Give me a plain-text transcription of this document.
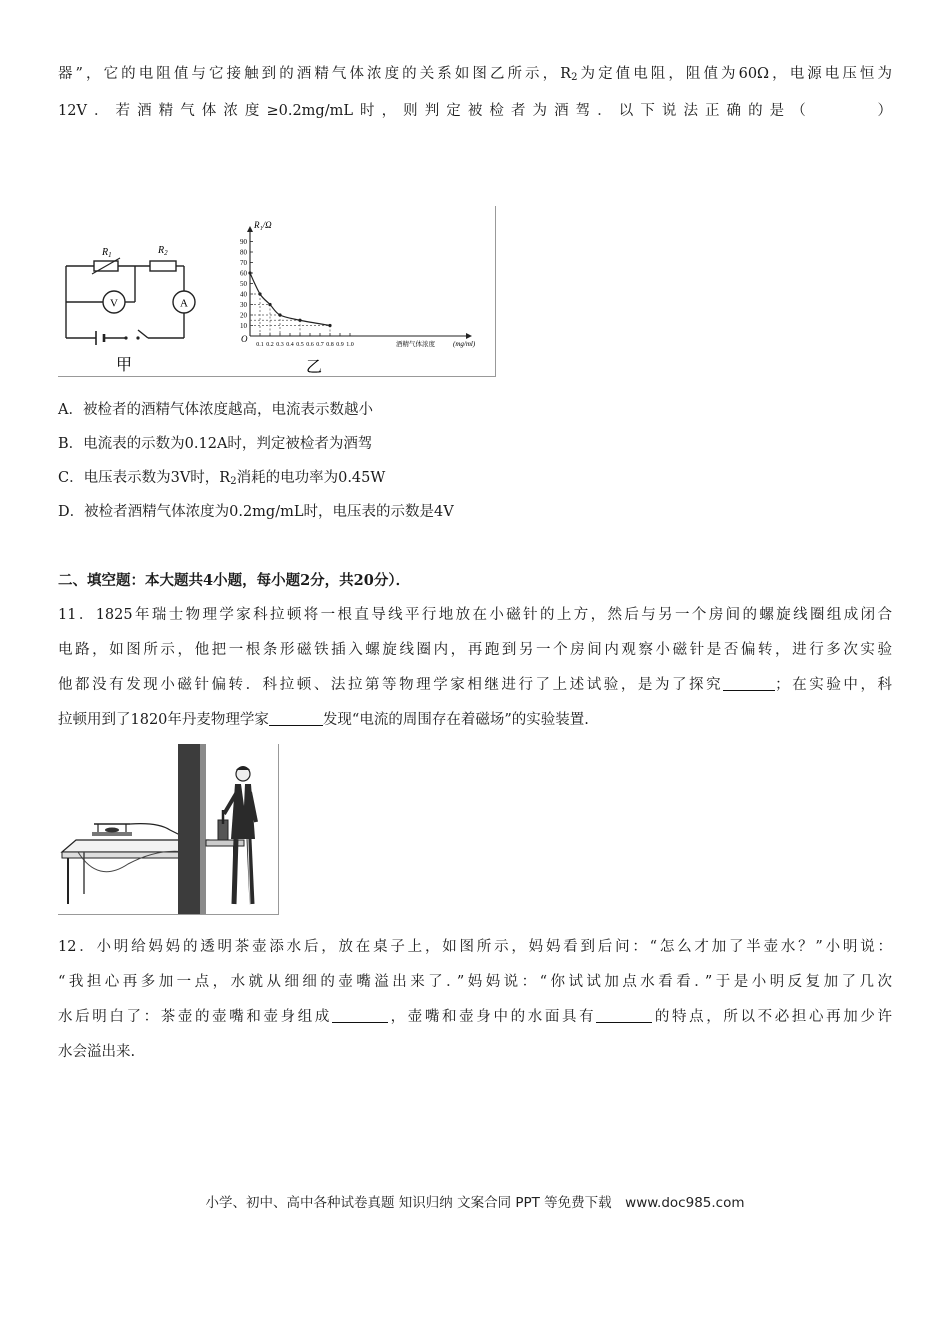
器”，它的电阻值与它接触到的酒精气体浓度的关系如图乙所示，$R_2$为定值电阻，阻值为60Ω，电源电压恒为
12V．若酒精气体浓度≥0.2mg/mL时，则判定被检者为酒驾．以下说法正确的是（　　　）
V	A
$R_1$	$R_2$
甲
R₁/Ω
O	酒精气体浓度	(mg/ml)
90
80
70
60
50
40
30
20
10
0.1 0.2 0.3 0.4 0.5 0.6 0.7 0.8 0.9 1.0
乙
A．被检者的酒精气体浓度越高，电流表示数越小
B．电流表的示数为0.12A时，判定被检者为酒驾
C．电压表示数为3V时，$R_2$消耗的电功率为0.45W
D．被检者酒精气体浓度为0.2mg/mL时，电压表的示数是4V
二、填空题：本大题共4小题，每小题2分，共20分）．
11．1825年瑞士物理学家科拉顿将一根直导线平行地放在小磁针的上方，然后与另一个房间的螺旋线圈组成闭合
电路，如图所示，他把一根条形磁铁插入螺旋线圈内，再跑到另一个房间内观察小磁针是否偏转，进行多次实验
他都没有发现小磁针偏转．科拉顿、法拉第等物理学家相继进行了上述试验，是为了探究	；在实验中，科
拉顿用到了1820年丹麦物理学家	发现“电流的周围存在着磁场”的实验装置.
12．小明给妈妈的透明茶壶添水后，放在桌子上，如图所示，妈妈看到后问：“怎么才加了半壶水？”小明说：
“我担心再多加一点，水就从细细的壶嘴溢出来了．”妈妈说：“你试试加点水看看．”于是小明反复加了几次
水后明白了：茶壶的壶嘴和壶身组成	，壶嘴和壶身中的水面具有	的特点，所以不必担心再加少许
水会溢出来.
小学、初中、高中各种试卷真题 知识归纳 文案合同 PPT 等免费下载　www.doc985.com
